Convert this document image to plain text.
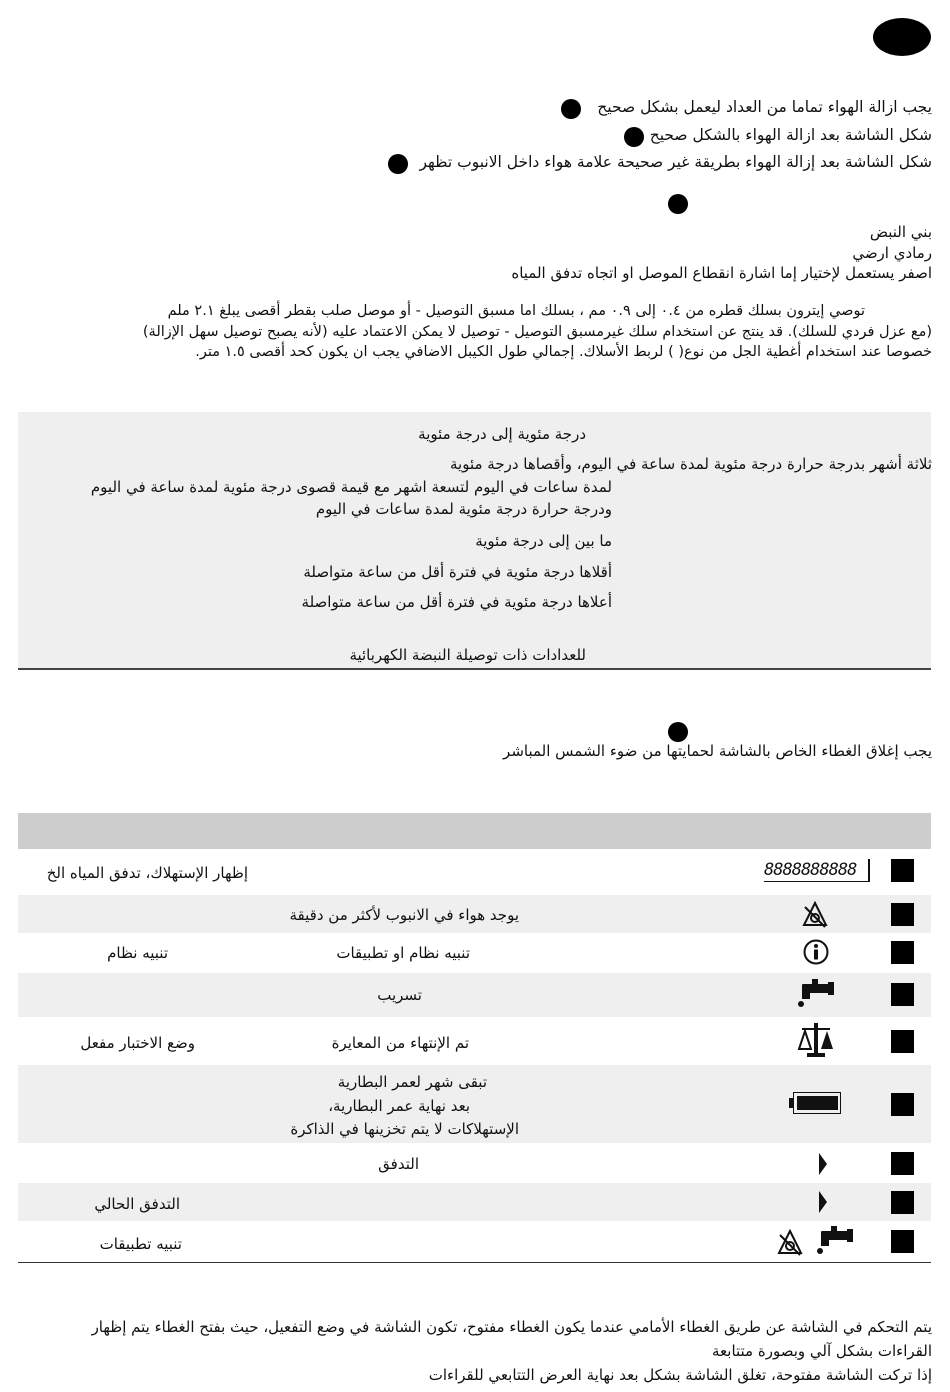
يجب ازالة الهواء تماما من العداد ليعمل بشكل صحيح
شكل الشاشة بعد ازالة الهواء بالشكل صحيح
شكل الشاشة بعد إزالة الهواء بطريقة غير صحيحة علامة هواء داخل الانبوب تظهر
بني النبض
رمادي ارضي
اصفر يستعمل لإختيار إما اشارة انقطاع الموصل او اتجاه تدفق المياه
توصي إيترون بسلك قطره من ٠.٤ إلى ٠.٩ مم ، بسلك اما مسبق التوصيل - أو موصل صلب بقطر أقصى يبلغ ٢.١ ملم
(مع عزل فردي للسلك). قد ينتج عن استخدام سلك غيرمسبق التوصيل - توصيل لا يمكن الاعتماد عليه (لأنه يصبح توصيل سهل الإزالة)
خصوصا عند استخدام أغطية الجل من نوع( ) لربط الأسلاك. إجمالي طول الكيبل الاضافي يجب ان يكون كحد أقصى ١.٥ متر.
درجة مئوية إلى درجة مئوية
ثلاثة أشهر بدرجة حرارة درجة مئوية لمدة ساعة في اليوم، وأقصاها درجة مئوية
لمدة ساعات في اليوم لتسعة اشهر مع قيمة قصوى درجة مئوية لمدة ساعة في اليوم
ودرجة حرارة درجة مئوية لمدة ساعات في اليوم
ما بين إلى درجة مئوية
أقلاها درجة مئوية في فترة أقل من ساعة متواصلة
أعلاها درجة مئوية في فترة أقل من ساعة متواصلة
للعدادات ذات توصيلة النبضة الكهربائية
يجب إغلاق الغطاء الخاص بالشاشة لحمايتها من ضوء الشمس المباشر
8888888888
إظهار الإستهلاك، تدفق المياه الخ
يوجد هواء في الانبوب لأكثر من دقيقة
تنبيه نظام او تطبيقات
تنبيه نظام
تسريب
تم الإنتهاء من المعايرة
وضع الاختبار مفعل
تبقى شهر لعمر البطارية
بعد نهاية عمر البطارية،
الإستهلاكات لا يتم تخزينها في الذاكرة
التدفق
التدفق الحالي
تنبيه تطبيقات
يتم التحكم في الشاشة عن طريق الغطاء الأمامي عندما يكون الغطاء مفتوح، تكون الشاشة في وضع التفعيل، حيث بفتح الغطاء يتم إظهار
القراءات بشكل آلي وبصورة متتابعة
إذا تركت الشاشة مفتوحة، تغلق الشاشة بشكل بعد نهاية العرض التتابعي للقراءات
